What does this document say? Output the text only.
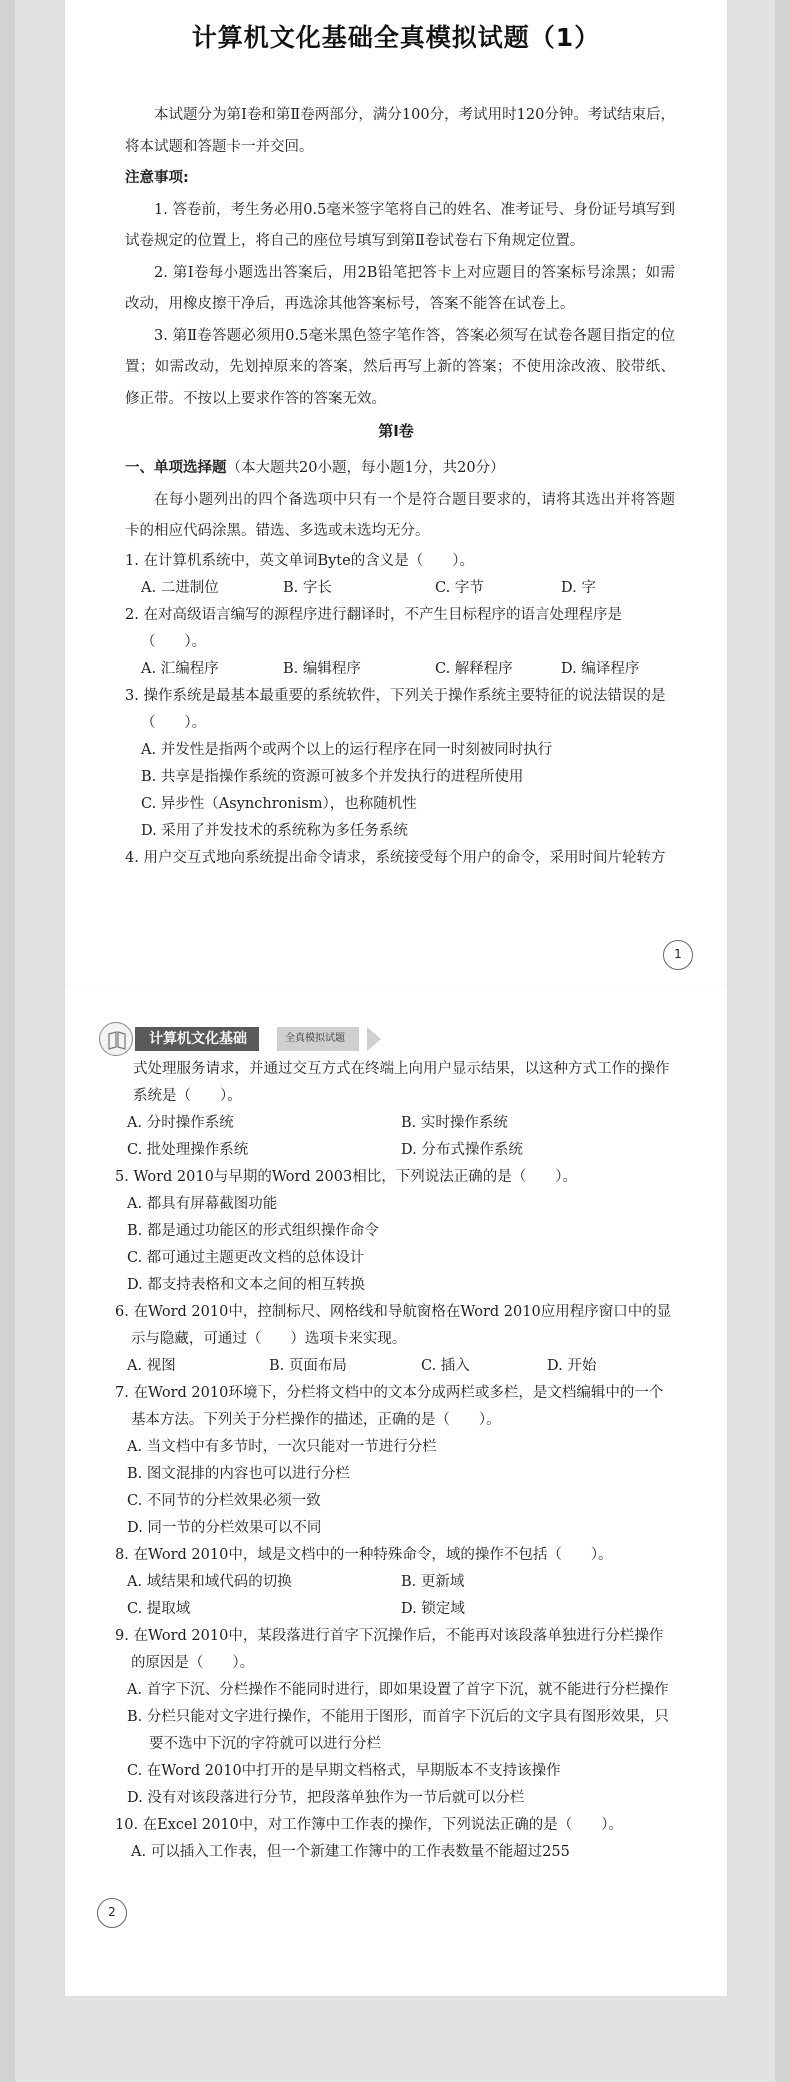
计算机文化基础全真模拟试题（1）

本试题分为第Ⅰ卷和第Ⅱ卷两部分，满分100分，考试用时120分钟。考试结束后，将本试题和答题卡一并交回。

注意事项:

1. 答卷前，考生务必用0.5毫米签字笔将自己的姓名、准考证号、身份证号填写到试卷规定的位置上，将自己的座位号填写到第Ⅱ卷试卷右下角规定位置。

2. 第Ⅰ卷每小题选出答案后，用2B铅笔把答卡上对应题目的答案标号涂黑；如需改动，用橡皮擦干净后，再选涂其他答案标号，答案不能答在试卷上。

3. 第Ⅱ卷答题必须用0.5毫米黑色签字笔作答，答案必须写在试卷各题目指定的位置；如需改动，先划掉原来的答案，然后再写上新的答案；不使用涂改液、胶带纸、修正带。不按以上要求作答的答案无效。

第Ⅰ卷

一、单项选择题（本大题共20小题，每小题1分，共20分）

在每小题列出的四个备选项中只有一个是符合题目要求的，请将其选出并将答题卡的相应代码涂黑。错选、多选或未选均无分。

1. 在计算机系统中，英文单词Byte的含义是（　　）。

A. 二进制位	B. 字长	C. 字节	D. 字

2. 在对高级语言编写的源程序进行翻译时，不产生目标程序的语言处理程序是（　　）。

A. 汇编程序	B. 编辑程序	C. 解释程序	D. 编译程序

3. 操作系统是最基本最重要的系统软件，下列关于操作系统主要特征的说法错误的是（　　）。

A. 并发性是指两个或两个以上的运行程序在同一时刻被同时执行

B. 共享是指操作系统的资源可被多个并发执行的进程所使用

C. 异步性（Asynchronism），也称随机性

D. 采用了并发技术的系统称为多任务系统

4. 用户交互式地向系统提出命令请求，系统接受每个用户的命令，采用时间片轮转方

1
计算机文化基础	全真模拟试题

式处理服务请求，并通过交互方式在终端上向用户显示结果，以这种方式工作的操作系统是（　　）。

A. 分时操作系统	B. 实时操作系统
C. 批处理操作系统	D. 分布式操作系统

5. Word 2010与早期的Word 2003相比，下列说法正确的是（　　）。

A. 都具有屏幕截图功能

B. 都是通过功能区的形式组织操作命令

C. 都可通过主题更改文档的总体设计

D. 都支持表格和文本之间的相互转换

6. 在Word 2010中，控制标尺、网格线和导航窗格在Word 2010应用程序窗口中的显示与隐藏，可通过（　　）选项卡来实现。

A. 视图	B. 页面布局	C. 插入	D. 开始

7. 在Word 2010环境下，分栏将文档中的文本分成两栏或多栏，是文档编辑中的一个基本方法。下列关于分栏操作的描述，正确的是（　　）。

A. 当文档中有多节时，一次只能对一节进行分栏

B. 图文混排的内容也可以进行分栏

C. 不同节的分栏效果必须一致

D. 同一节的分栏效果可以不同

8. 在Word 2010中，域是文档中的一种特殊命令，域的操作不包括（　　）。

A. 域结果和域代码的切换	B. 更新域
C. 提取域	D. 锁定域

9. 在Word 2010中，某段落进行首字下沉操作后，不能再对该段落单独进行分栏操作的原因是（　　）。

A. 首字下沉、分栏操作不能同时进行，即如果设置了首字下沉，就不能进行分栏操作

B. 分栏只能对文字进行操作，不能用于图形，而首字下沉后的文字具有图形效果，只要不选中下沉的字符就可以进行分栏

C. 在Word 2010中打开的是早期文档格式，早期版本不支持该操作

D. 没有对该段落进行分节，把段落单独作为一节后就可以分栏

10. 在Excel 2010中，对工作簿中工作表的操作，下列说法正确的是（　　）。

A. 可以插入工作表，但一个新建工作簿中的工作表数量不能超过255

2
